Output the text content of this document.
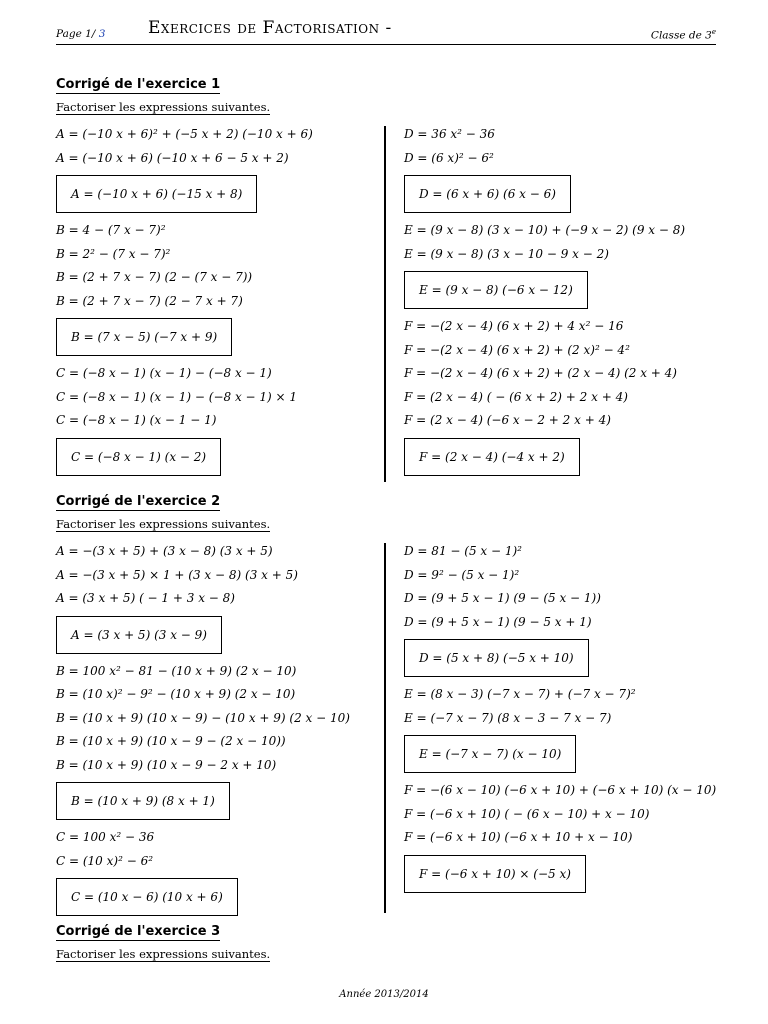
Page 1/ 3	Exercices de Factorisation -	Classe de 3e
Corrigé de l'exercice 1
Factoriser les expressions suivantes.
A = (−10 x + 6)² + (−5 x + 2) (−10 x + 6)
A = (−10 x + 6) (−10 x + 6 − 5 x + 2)
A = (−10 x + 6) (−15 x + 8)
B = 4 − (7 x − 7)²
B = 2² − (7 x − 7)²
B = (2 + 7 x − 7) (2 − (7 x − 7))
B = (2 + 7 x − 7) (2 − 7 x + 7)
B = (7 x − 5) (−7 x + 9)
C = (−8 x − 1) (x − 1) − (−8 x − 1)
C = (−8 x − 1) (x − 1) − (−8 x − 1) × 1
C = (−8 x − 1) (x − 1 − 1)
C = (−8 x − 1) (x − 2)
D = 36 x² − 36
D = (6 x)² − 6²
D = (6 x + 6) (6 x − 6)
E = (9 x − 8) (3 x − 10) + (−9 x − 2) (9 x − 8)
E = (9 x − 8) (3 x − 10 − 9 x − 2)
E = (9 x − 8) (−6 x − 12)
F = −(2 x − 4) (6 x + 2) + 4 x² − 16
F = −(2 x − 4) (6 x + 2) + (2 x)² − 4²
F = −(2 x − 4) (6 x + 2) + (2 x − 4) (2 x + 4)
F = (2 x − 4) ( − (6 x + 2) + 2 x + 4)
F = (2 x − 4) (−6 x − 2 + 2 x + 4)
F = (2 x − 4) (−4 x + 2)
Corrigé de l'exercice 2
Factoriser les expressions suivantes.
A = −(3 x + 5) + (3 x − 8) (3 x + 5)
A = −(3 x + 5) × 1 + (3 x − 8) (3 x + 5)
A = (3 x + 5) ( − 1 + 3 x − 8)
A = (3 x + 5) (3 x − 9)
B = 100 x² − 81 − (10 x + 9) (2 x − 10)
B = (10 x)² − 9² − (10 x + 9) (2 x − 10)
B = (10 x + 9) (10 x − 9) − (10 x + 9) (2 x − 10)
B = (10 x + 9) (10 x − 9 − (2 x − 10))
B = (10 x + 9) (10 x − 9 − 2 x + 10)
B = (10 x + 9) (8 x + 1)
C = 100 x² − 36
C = (10 x)² − 6²
C = (10 x − 6) (10 x + 6)
D = 81 − (5 x − 1)²
D = 9² − (5 x − 1)²
D = (9 + 5 x − 1) (9 − (5 x − 1))
D = (9 + 5 x − 1) (9 − 5 x + 1)
D = (5 x + 8) (−5 x + 10)
E = (8 x − 3) (−7 x − 7) + (−7 x − 7)²
E = (−7 x − 7) (8 x − 3 − 7 x − 7)
E = (−7 x − 7) (x − 10)
F = −(6 x − 10) (−6 x + 10) + (−6 x + 10) (x − 10)
F = (−6 x + 10) ( − (6 x − 10) + x − 10)
F = (−6 x + 10) (−6 x + 10 + x − 10)
F = (−6 x + 10) × (−5 x)
Corrigé de l'exercice 3
Factoriser les expressions suivantes.
Année 2013/2014
